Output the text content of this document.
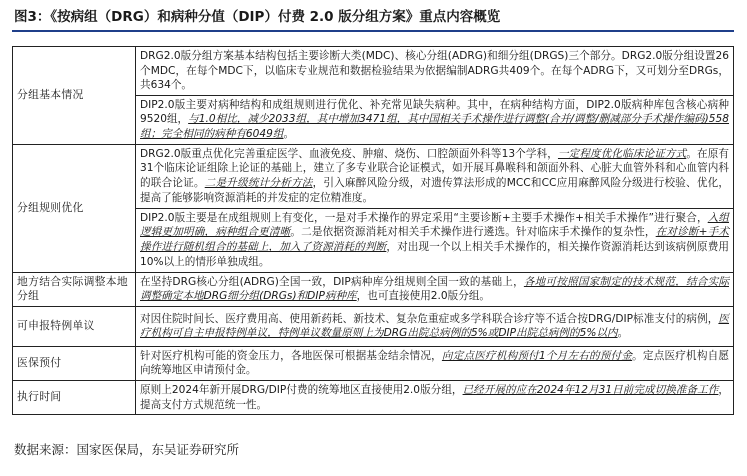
图3：《按病组（DRG）和病种分值（DIP）付费 2.0 版分组方案》重点内容概览
分组基本情况	DRG2.0版分组方案基本结构包括主要诊断大类(MDC)、核心分组(ADRG)和细分组(DRGS)三个部分。DRG2.0版分组设置26个MDC，在每个MDC下，以临床专业规范和数据检验结果为依据编制ADRG共409个。在每个ADRG下，又可划分至DRGs，共634个。
	DIP2.0版主要对病种结构和成组规则进行优化、补充常见缺失病种。其中，在病种结构方面，DIP2.0版病种库包含核心病种9520组，与1.0相比，减少2033组，其中增加3471组，其中国相关手术操作进行调整(合并/调整/删减部分手术操作编码)558组；完全相同的病种有6049组。
分组规则优化	DRG2.0版重点优化完善重症医学、血液免疫、肿瘤、烧伤、口腔颌面外科等13个学科，一定程度优化临床论证方式。在原有31个临床论证组除上论证的基础上，建立了多专业联合论证模式，如开展耳鼻喉科和颌面外科、心脏大血管外科和心血管内科的联合论证。二是升级统计分析方法，引入麻醉风险分级，对遗传算法形成的MCC和CC应用麻醉风险分级进行校验、优化，提高了能够影响资源消耗的并发症的定位精准度。
	DIP2.0版主要是在成组规则上有变化，一是对手术操作的界定采用“主要诊断+主要手术操作+相关手术操作”进行聚合，入组逻辑更加明确，病种组合更清晰。二是依据资源消耗对相关手术操作进行遴选。针对临床手术操作的复杂性，在对诊断+手术操作进行随机组合的基础上，加入了资源消耗的判断，对出现一个以上相关手术操作的，相关操作资源消耗达到该病例原费用10%以上的情形单独成组。
地方结合实际调整本地分组	在坚持DRG核心分组(ADRG)全国一致，DIP病种库分组规则全国一致的基础上，各地可按照国家制定的技术规范，结合实际调整确定本地DRG细分组(DRGs)和DIP病种库，也可直接使用2.0版分组。
可申报特例单议	对因住院时间长、医疗费用高、使用新药耗、新技术、复杂危重症或多学科联合诊疗等不适合按DRG/DIP标准支付的病例，医疗机构可自主申报特例单议，特例单议数量原则上为DRG出院总病例的5%或DIP出院总病例的5%以内。
医保预付	针对医疗机构可能的资金压力，各地医保可根据基金结余情况，向定点医疗机构预付1个月左右的预付金。定点医疗机构自愿向统筹地区申请预付金。
执行时间	原则上2024年新开展DRG/DIP付费的统筹地区直接使用2.0版分组，已经开展的应在2024年12月31日前完成切换准备工作，提高支付方式规范统一性。
数据来源：国家医保局，东吴证券研究所
